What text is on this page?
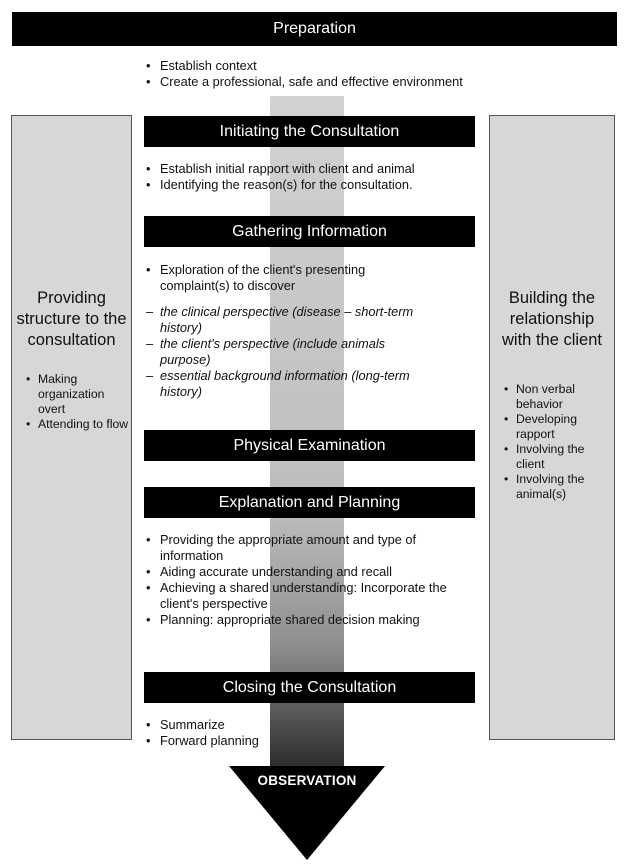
OBSERVATION
Preparation
• Establish context
• Create a professional, safe and effective environment
Providing structure to the consultation
• Making organization overt
• Attending to flow
Building the relationship with the client
• Non verbal behavior
• Developing rapport
• Involving the client
• Involving the animal(s)
Initiating the Consultation
• Establish initial rapport with client and animal
• Identifying the reason(s) for the consultation.
Gathering Information
• Exploration of the client's presenting complaint(s) to discover
– the clinical perspective (disease – short-term history)
– the client's perspective (include animals purpose)
– essential background information (long-term history)
Physical Examination
Explanation and Planning
• Providing the appropriate amount and type of information
• Aiding accurate understanding and recall
• Achieving a shared understanding: Incorporate the client's perspective
• Planning: appropriate shared decision making
Closing the Consultation
• Summarize
• Forward planning
